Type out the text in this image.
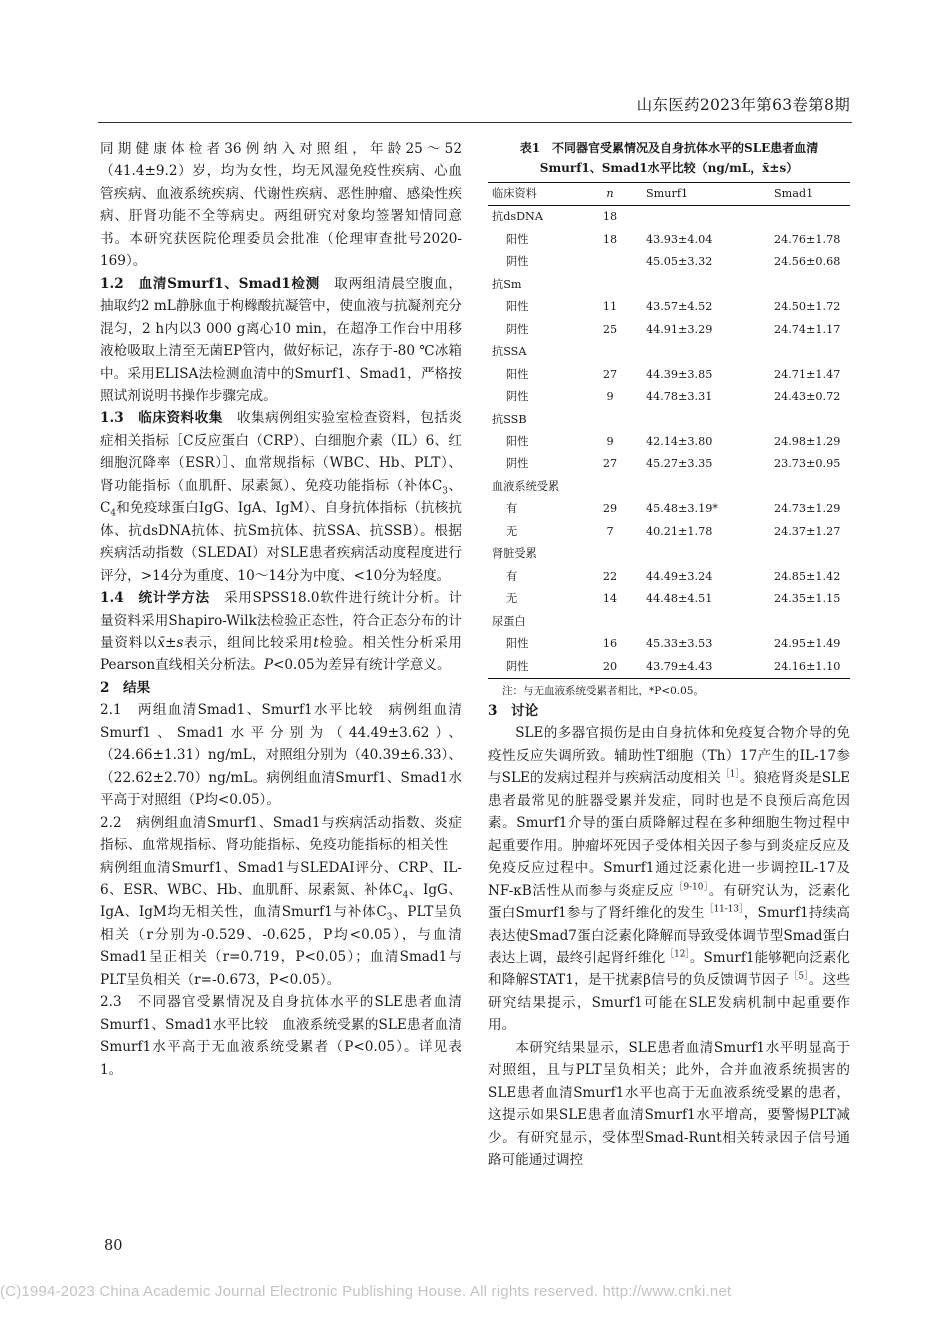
山东医药2023年第63卷第8期

同期健康体检者36例纳入对照组，年龄25～52（41.4±9.2）岁，均为女性，均无风湿免疫性疾病、心血管疾病、血液系统疾病、代谢性疾病、恶性肿瘤、感染性疾病、肝肾功能不全等病史。两组研究对象均签署知情同意书。本研究获医院伦理委员会批准（伦理审查批号2020-169）。

1.2　血清Smurf1、Smad1检测　取两组清晨空腹血，抽取约2 mL静脉血于枸橼酸抗凝管中，使血液与抗凝剂充分混匀，2 h内以3 000 g离心10 min，在超净工作台中用移液枪吸取上清至无菌EP管内，做好标记，冻存于-80 ℃冰箱中。采用ELISA法检测血清中的Smurf1、Smad1，严格按照试剂说明书操作步骤完成。

1.3　临床资料收集　收集病例组实验室检查资料，包括炎症相关指标［C反应蛋白（CRP）、白细胞介素（IL）6、红细胞沉降率（ESR）］、血常规指标（WBC、Hb、PLT）、肾功能指标（血肌酐、尿素氮）、免疫功能指标（补体$C_3$、$C_4$和免疫球蛋白IgG、IgA、IgM）、自身抗体指标（抗核抗体、抗dsDNA抗体、抗Sm抗体、抗SSA、抗SSB）。根据疾病活动指数（SLEDAI）对SLE患者疾病活动度程度进行评分，>14分为重度、10～14分为中度、<10分为轻度。

1.4　统计学方法　采用SPSS18.0软件进行统计分析。计量资料采用Shapiro-Wilk法检验正态性，符合正态分布的计量资料以x̄±s表示，组间比较采用t检验。相关性分析采用Pearson直线相关分析法。P<0.05为差异有统计学意义。

2　结果

2.1　两组血清Smad1、Smurf1水平比较　病例组血清Smurf1、Smad1水平分别为（44.49±3.62）、（24.66±1.31）ng/mL，对照组分别为（40.39±6.33）、（22.62±2.70）ng/mL。病例组血清Smurf1、Smad1水平高于对照组（P均<0.05）。

2.2　病例组血清Smurf1、Smad1与疾病活动指数、炎症指标、血常规指标、肾功能指标、免疫功能指标的相关性　病例组血清Smurf1、Smad1与SLEDAI评分、CRP、IL-6、ESR、WBC、Hb、血肌酐、尿素氮、补体$C_4$、IgG、IgA、IgM均无相关性，血清Smurf1与补体$C_3$、PLT呈负相关（r分别为-0.529、-0.625，P均<0.05），与血清Smad1呈正相关（r=0.719，P<0.05）；血清Smad1与PLT呈负相关（r=-0.673，P<0.05）。

2.3　不同器官受累情况及自身抗体水平的SLE患者血清Smurf1、Smad1水平比较　血液系统受累的SLE患者血清Smurf1水平高于无血液系统受累者（P<0.05）。详见表1。

表1　不同器官受累情况及自身抗体水平的SLE患者血清
Smurf1、Smad1水平比较（ng/mL，x̄±s）
临床资料	n	Smurf1	Smad1
抗dsDNA	18		
阳性	18	43.93±4.04	24.76±1.78
阴性		45.05±3.32	24.56±0.68
抗Sm			
阳性	11	43.57±4.52	24.50±1.72
阴性	25	44.91±3.29	24.74±1.17
抗SSA			
阳性	27	44.39±3.85	24.71±1.47
阴性	9	44.78±3.31	24.43±0.72
抗SSB			
阳性	9	42.14±3.80	24.98±1.29
阴性	27	45.27±3.35	23.73±0.95
血液系统受累			
有	29	45.48±3.19*	24.73±1.29
无	7	40.21±1.78	24.37±1.27
肾脏受累			
有	22	44.49±3.24	24.85±1.42
无	14	44.48±4.51	24.35±1.15
尿蛋白			
阳性	16	45.33±3.53	24.95±1.49
阴性	20	43.79±4.43	24.16±1.10
注：与无血液系统受累者相比，*P<0.05。

3　讨论

SLE的多器官损伤是由自身抗体和免疫复合物介导的免疫性反应失调所致。辅助性T细胞（Th）17产生的IL-17参与SLE的发病过程并与疾病活动度相关$^{[1]}$。狼疮肾炎是SLE患者最常见的脏器受累并发症，同时也是不良预后高危因素。Smurf1介导的蛋白质降解过程在多种细胞生物过程中起重要作用。肿瘤坏死因子受体相关因子参与到炎症反应及免疫反应过程中。Smurf1通过泛素化进一步调控IL-17及NF-κB活性从而参与炎症反应$^{[9-10]}$。有研究认为，泛素化蛋白Smurf1参与了肾纤维化的发生$^{[11-13]}$，Smurf1持续高表达使Smad7蛋白泛素化降解而导致受体调节型Smad蛋白表达上调，最终引起肾纤维化$^{[12]}$。Smurf1能够靶向泛素化和降解STAT1，是干扰素β信号的负反馈调节因子$^{[5]}$。这些研究结果提示，Smurf1可能在SLE发病机制中起重要作用。

本研究结果显示，SLE患者血清Smurf1水平明显高于对照组，且与PLT呈负相关；此外，合并血液系统损害的SLE患者血清Smurf1水平也高于无血液系统受累的患者，这提示如果SLE患者血清Smurf1水平增高，要警惕PLT减少。有研究显示，受体型Smad-Runt相关转录因子信号通路可能通过调控

80
(C)1994-2023 China Academic Journal Electronic Publishing House. All rights reserved. http://www.cnki.net
